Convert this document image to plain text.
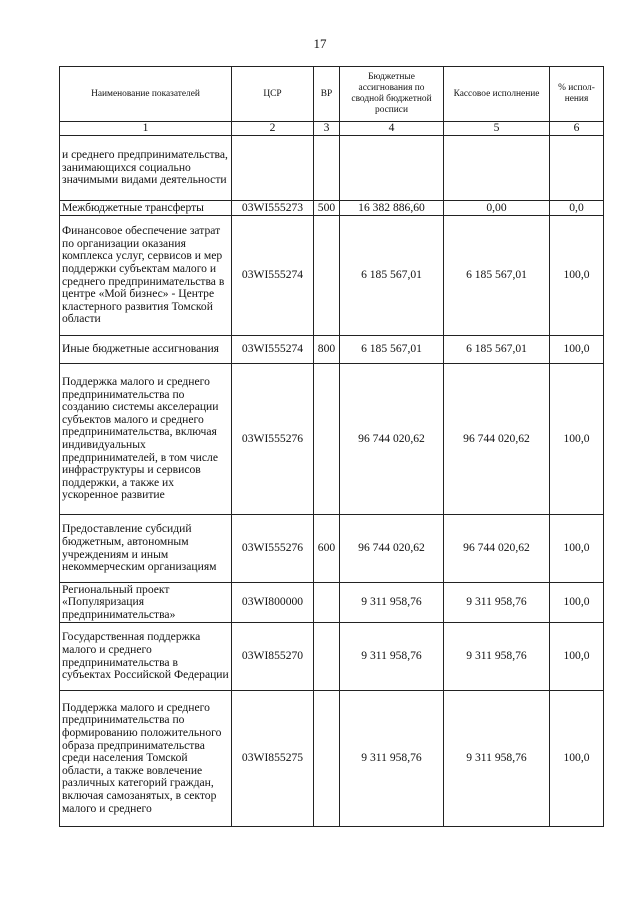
17
Наименование показателей	ЦСР	ВР	Бюджетные ассигнования по сводной бюджетной росписи	Кассовое исполнение	% испол-нения
1	2	3	4	5	6
и среднего предпринимательства, занимающихся социально значимыми видами деятельности					
Межбюджетные трансферты	03WI555273	500	16 382 886,60	0,00	0,0
Финансовое обеспечение затрат по организации оказания комплекса услуг, сервисов и мер поддержки субъектам малого и среднего предпринимательства в центре «Мой бизнес» - Центре кластерного развития Томской области	03WI555274		6 185 567,01	6 185 567,01	100,0
Иные бюджетные ассигнования	03WI555274	800	6 185 567,01	6 185 567,01	100,0
Поддержка малого и среднего предпринимательства по созданию системы акселерации субъектов малого и среднего предпринимательства, включая индивидуальных предпринимателей, в том числе инфраструктуры и сервисов поддержки, а также их ускоренное развитие	03WI555276		96 744 020,62	96 744 020,62	100,0
Предоставление субсидий бюджетным, автономным учреждениям и иным некоммерческим организациям	03WI555276	600	96 744 020,62	96 744 020,62	100,0
Региональный проект «Популяризация предпринимательства»	03WI800000		9 311 958,76	9 311 958,76	100,0
Государственная поддержка малого и среднего предпринимательства в субъектах Российской Федерации	03WI855270		9 311 958,76	9 311 958,76	100,0
Поддержка малого и среднего предпринимательства по формированию положительного образа предпринимательства среди населения Томской области, а также вовлечение различных категорий граждан, включая самозанятых, в сектор малого и среднего	03WI855275		9 311 958,76	9 311 958,76	100,0
